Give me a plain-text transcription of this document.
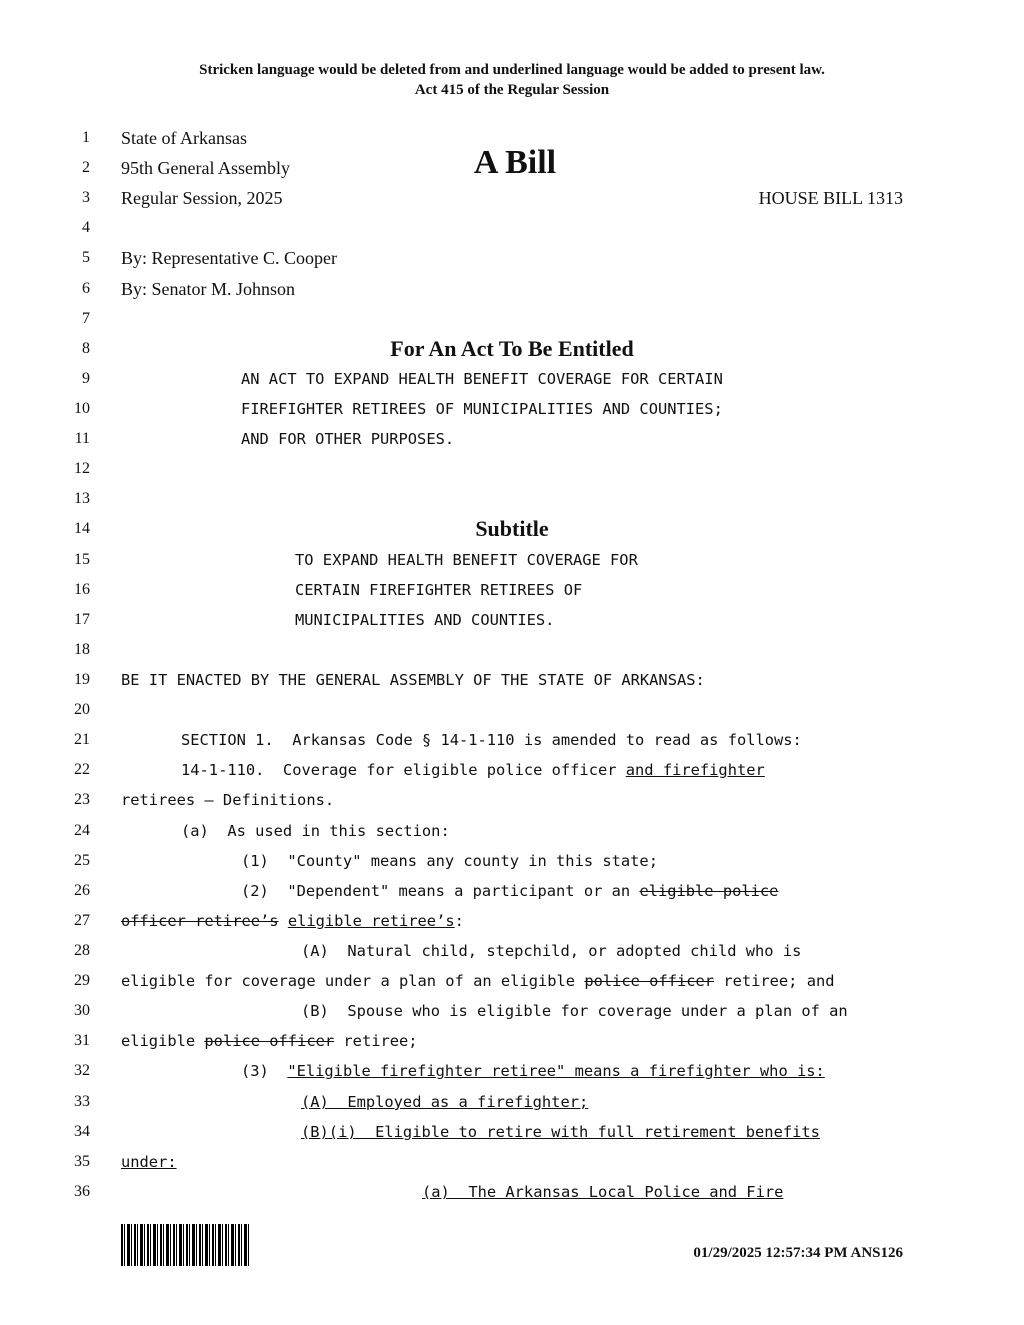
Stricken language would be deleted from and underlined language would be added to present law.
Act 415 of the Regular Session
1
2
3
4
5
6
7
8
9
10
11
12
13
14
15
16
17
18
19
20
21
22
23
24
25
26
27
28
29
30
31
32
33
34
35
36
State of Arkansas
95th General Assembly	A Bill
Regular Session, 2025	HOUSE BILL 1313
By: Representative C. Cooper
By: Senator M. Johnson
For An Act To Be Entitled
AN ACT TO EXPAND HEALTH BENEFIT COVERAGE FOR CERTAIN
FIREFIGHTER RETIREES OF MUNICIPALITIES AND COUNTIES;
AND FOR OTHER PURPOSES.
Subtitle
TO EXPAND HEALTH BENEFIT COVERAGE FOR
CERTAIN FIREFIGHTER RETIREES OF
MUNICIPALITIES AND COUNTIES.
BE IT ENACTED BY THE GENERAL ASSEMBLY OF THE STATE OF ARKANSAS:
SECTION 1.  Arkansas Code § 14-1-110 is amended to read as follows:
14-1-110.  Coverage for eligible police officer and firefighter
retirees — Definitions.
(a)  As used in this section:
(1)  "County" means any county in this state;
(2)  "Dependent" means a participant or an eligible police
officer retiree’s eligible retiree’s:
(A)  Natural child, stepchild, or adopted child who is
eligible for coverage under a plan of an eligible police officer retiree; and
(B)  Spouse who is eligible for coverage under a plan of an
eligible police officer retiree;
(3)  "Eligible firefighter retiree" means a firefighter who is:
(A)  Employed as a firefighter;
(B)(i)  Eligible to retire with full retirement benefits
under:
(a)  The Arkansas Local Police and Fire
01/29/2025 12:57:34 PM ANS126
